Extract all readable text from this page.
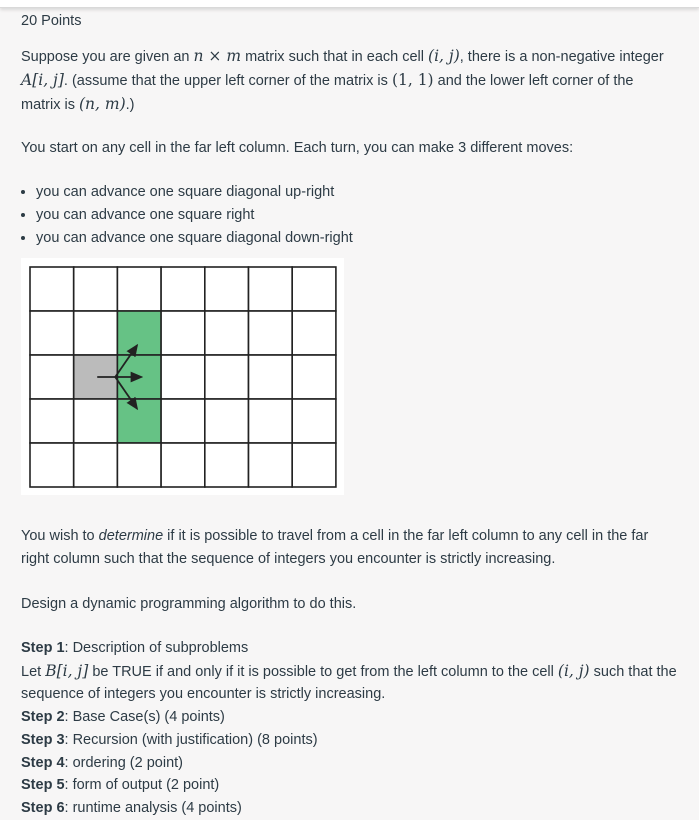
20 Points

Suppose you are given an n × m matrix such that in each cell (i, j), there is a non-negative integer A[i, j]. (assume that the upper left corner of the matrix is (1, 1) and the lower left corner of the matrix is (n, m).)

You start on any cell in the far left column. Each turn, you can make 3 different moves:

• you can advance one square diagonal up-right
• you can advance one square right
• you can advance one square diagonal down-right

You wish to determine if it is possible to travel from a cell in the far left column to any cell in the far right column such that the sequence of integers you encounter is strictly increasing.

Design a dynamic programming algorithm to do this.

Step 1: Description of subproblems
Let B[i, j] be TRUE if and only if it is possible to get from the left column to the cell (i, j) such that the sequence of integers you encounter is strictly increasing.
Step 2: Base Case(s) (4 points)
Step 3: Recursion (with justification) (8 points)
Step 4: ordering (2 point)
Step 5: form of output (2 point)
Step 6: runtime analysis (4 points)
